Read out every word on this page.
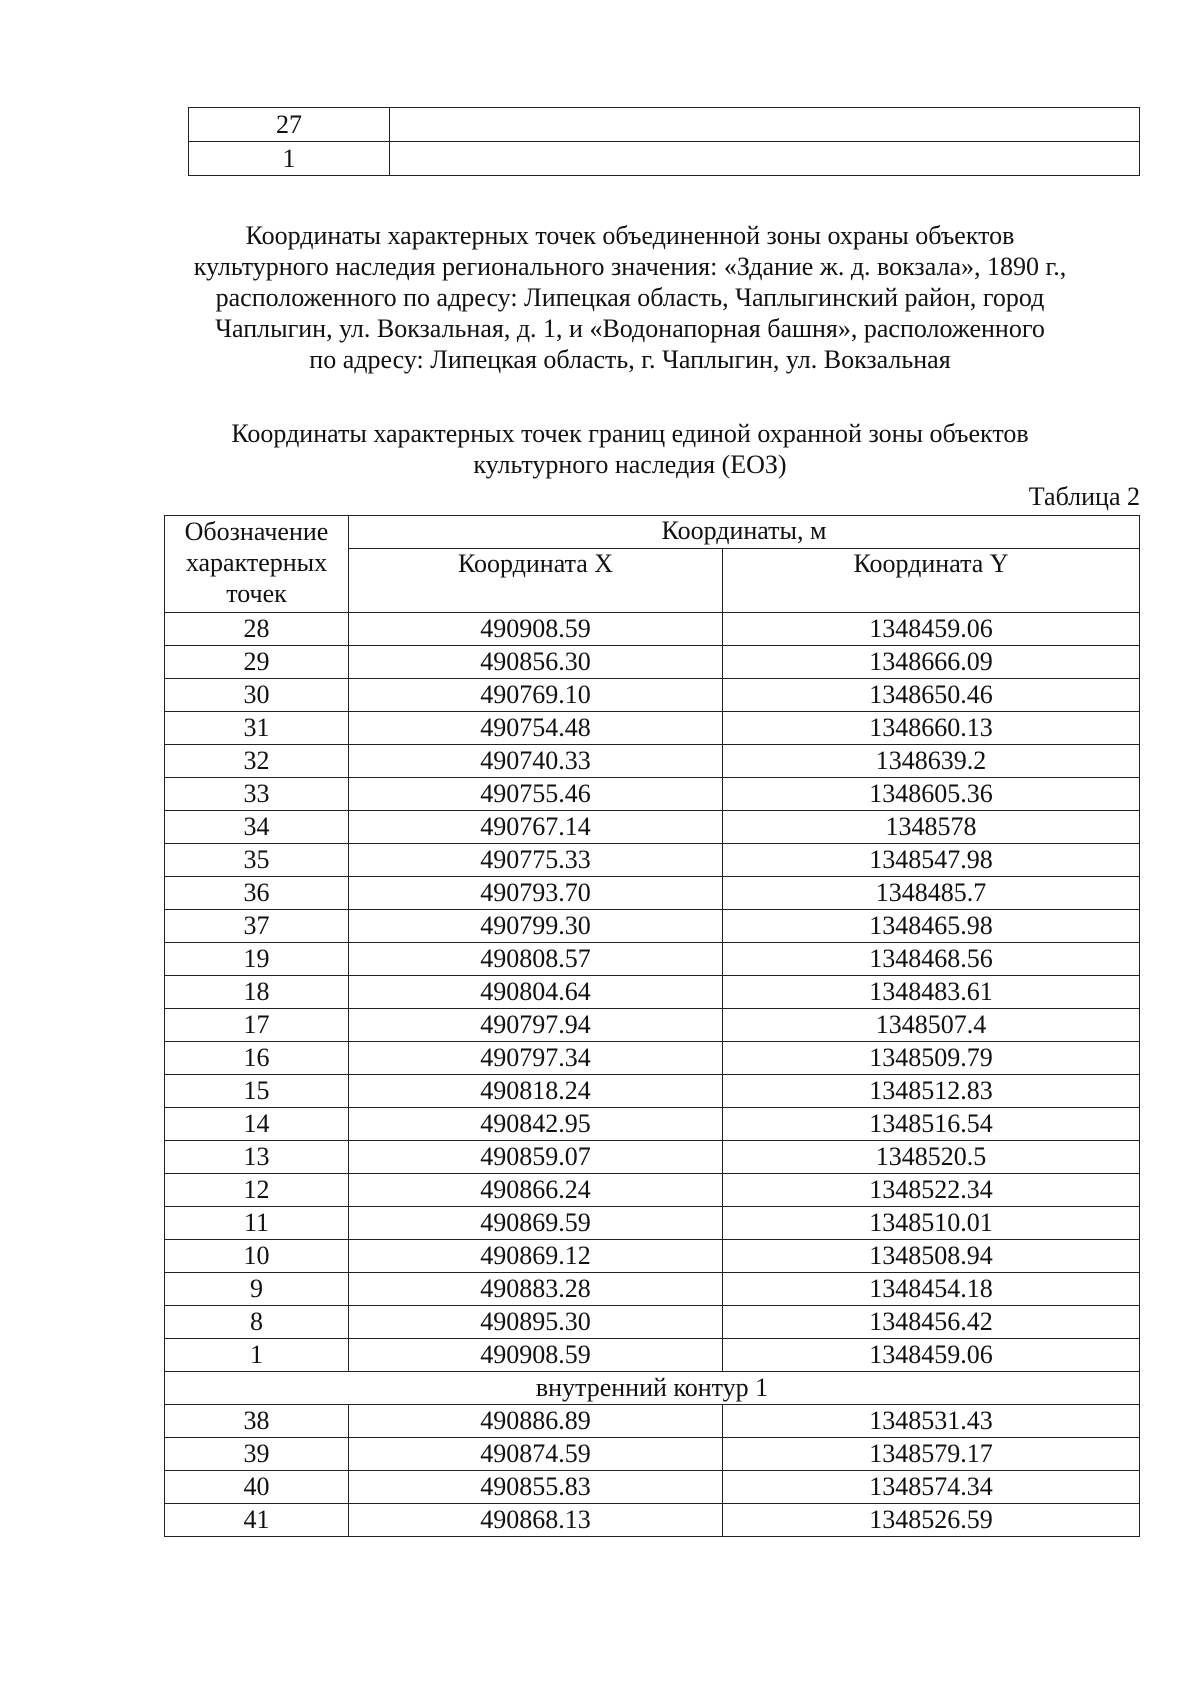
27	
1	
Координаты характерных точек объединенной зоны охраны объектов
культурного наследия регионального значения: «Здание ж. д. вокзала», 1890 г.,
расположенного по адресу: Липецкая область, Чаплыгинский район, город
Чаплыгин, ул. Вокзальная, д. 1, и «Водонапорная башня», расположенного
по адресу: Липецкая область, г. Чаплыгин, ул. Вокзальная
Координаты характерных точек границ единой охранной зоны объектов
культурного наследия (ЕОЗ)
Таблица 2
Обозначение характерных точек	Координаты, м	
	Координата X	Координата Y
28	490908.59	1348459.06
29	490856.30	1348666.09
30	490769.10	1348650.46
31	490754.48	1348660.13
32	490740.33	1348639.2
33	490755.46	1348605.36
34	490767.14	1348578
35	490775.33	1348547.98
36	490793.70	1348485.7
37	490799.30	1348465.98
19	490808.57	1348468.56
18	490804.64	1348483.61
17	490797.94	1348507.4
16	490797.34	1348509.79
15	490818.24	1348512.83
14	490842.95	1348516.54
13	490859.07	1348520.5
12	490866.24	1348522.34
11	490869.59	1348510.01
10	490869.12	1348508.94
9	490883.28	1348454.18
8	490895.30	1348456.42
1	490908.59	1348459.06
внутренний контур 1		
38	490886.89	1348531.43
39	490874.59	1348579.17
40	490855.83	1348574.34
41	490868.13	1348526.59
